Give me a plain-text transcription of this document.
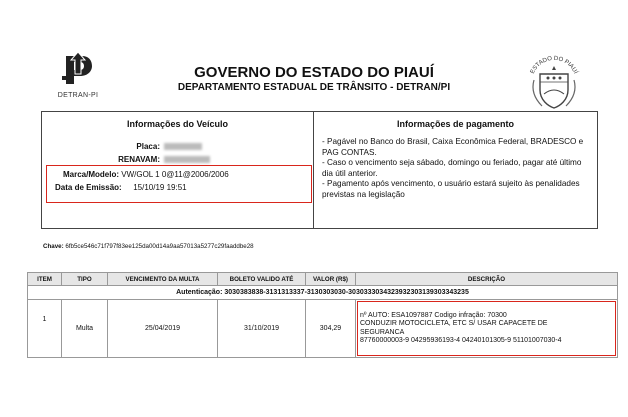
DETRAN-PI
GOVERNO DO ESTADO DO PIAUÍ
DEPARTAMENTO ESTADUAL DE TRÂNSITO - DETRAN/PI
ESTADO DO PIAUÍ
Informações do Veículo
Placa:
RENAVAM:
Marca/Modelo: VW/GOL 1 0@11@2006/2006
Data de Emissão: 15/10/19 19:51
Informações de pagamento
- Pagável no Banco do Brasil, Caixa Econômica Federal, BRADESCO e PAG CONTAS.
- Caso o vencimento seja sábado, domingo ou feriado, pagar até último dia útil anterior.
- Pagamento após vencimento, o usuário estará sujeito às penalidades previstas na legislação
Chave: 6fb5ce546c71f797f83ee125da00d14a9aa57013a5277c29faaddbe28
ITEM	TIPO	VENCIMENTO DA MULTA	BOLETO VALIDO ATÉ	VALOR (R$)	DESCRIÇÃO
Autenticação: 3030383838-3131313337-3130303030-3030333034323932303139303343235					
1	Multa	25/04/2019	31/10/2019	304,29	nº AUTO: ESA1097887 Codigo infração: 70300
CONDUZIR MOTOCICLETA, ETC S/ USAR CAPACETE DE
SEGURANCA
87760000003-9 04295936193-4 04240101305-9 51101007030-4
